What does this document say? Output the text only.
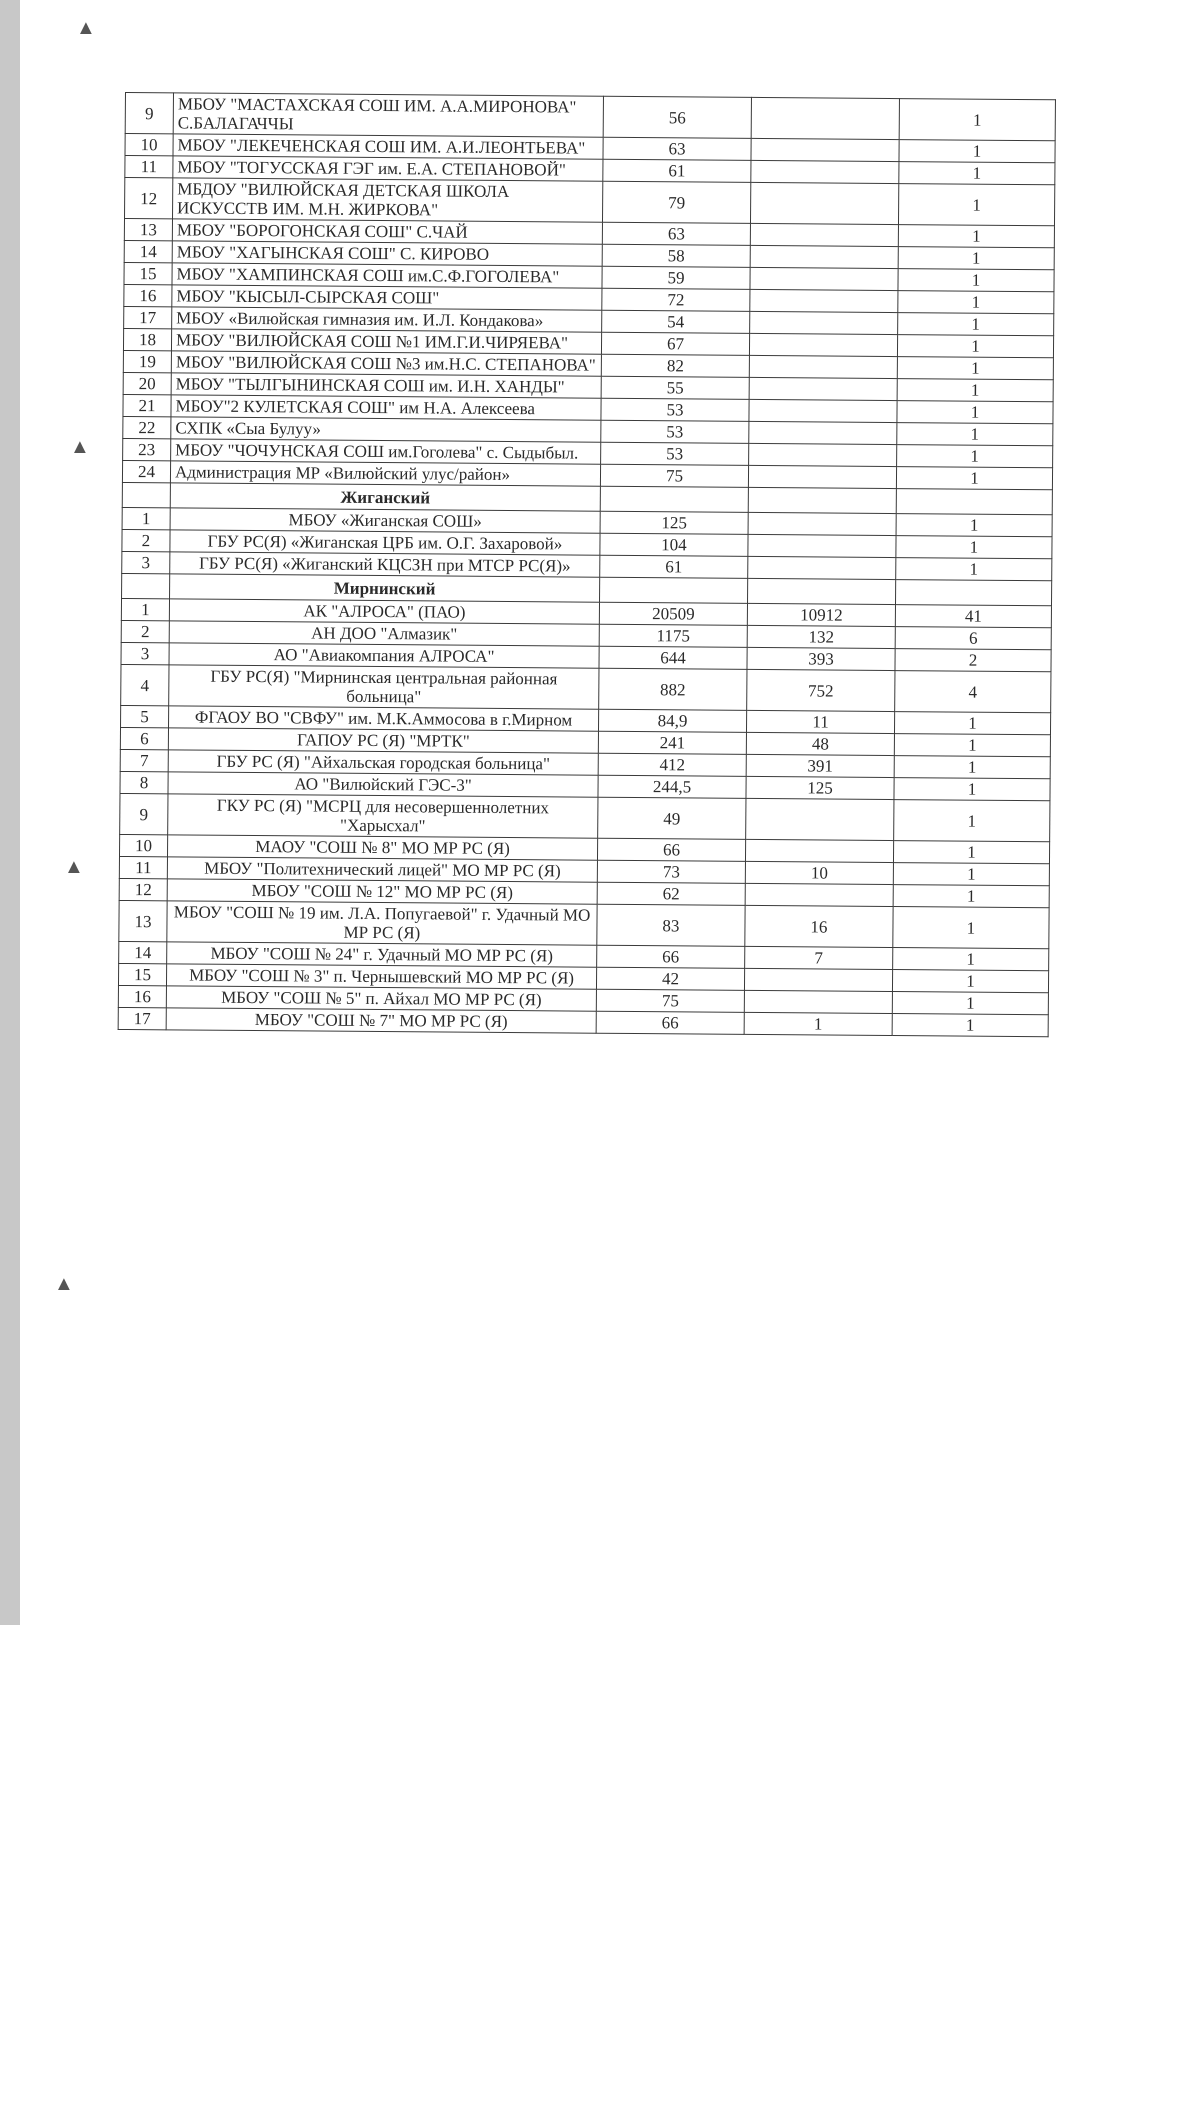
▲
▲
▲
▲
9	МБОУ "МАСТАХСКАЯ СОШ ИМ. А.А.МИРОНОВА" С.БАЛАГАЧЧЫ	56		1
10	МБОУ "ЛЕКЕЧЕНСКАЯ СОШ ИМ. А.И.ЛЕОНТЬЕВА"	63		1
11	МБОУ "ТОГУССКАЯ ГЭГ им. Е.А. СТЕПАНОВОЙ"	61		1
12	МБДОУ "ВИЛЮЙСКАЯ ДЕТСКАЯ ШКОЛА ИСКУССТВ ИМ. М.Н. ЖИРКОВА"	79		1
13	МБОУ "БОРОГОНСКАЯ СОШ" С.ЧАЙ	63		1
14	МБОУ "ХАГЫНСКАЯ СОШ" С. КИРОВО	58		1
15	МБОУ "ХАМПИНСКАЯ СОШ им.С.Ф.ГОГОЛЕВА"	59		1
16	МБОУ "КЫСЫЛ-СЫРСКАЯ СОШ"	72		1
17	МБОУ «Вилюйская гимназия им. И.Л. Кондакова»	54		1
18	МБОУ "ВИЛЮЙСКАЯ СОШ №1 ИМ.Г.И.ЧИРЯЕВА"	67		1
19	МБОУ "ВИЛЮЙСКАЯ СОШ №3 им.Н.С. СТЕПАНОВА"	82		1
20	МБОУ "ТЫЛГЫНИНСКАЯ СОШ им. И.Н. ХАНДЫ"	55		1
21	МБОУ"2 КУЛЕТСКАЯ СОШ" им Н.А. Алексеева	53		1
22	СХПК «Сыа Булуу»	53		1
23	МБОУ "ЧОЧУНСКАЯ СОШ им.Гоголева" с. Сыдыбыл.	53		1
24	Администрация МР «Вилюйский улус/район»	75		1
	Жиганский			
1	МБОУ «Жиганская СОШ»	125		1
2	ГБУ РС(Я) «Жиганская ЦРБ им. О.Г. Захаровой»	104		1
3	ГБУ РС(Я) «Жиганский КЦСЗН при МТСР РС(Я)»	61		1
	Мирнинский			
1	АК "АЛРОСА" (ПАО)	20509	10912	41
2	АН ДОО "Алмазик"	1175	132	6
3	АО "Авиакомпания АЛРОСА"	644	393	2
4	ГБУ РС(Я) "Мирнинская центральная районная больница"	882	752	4
5	ФГАОУ ВО "СВФУ" им. М.К.Аммосова в г.Мирном	84,9	11	1
6	ГАПОУ РС (Я) "МРТК"	241	48	1
7	ГБУ РС (Я) "Айхальская городская больница"	412	391	1
8	АО "Вилюйский ГЭС-3"	244,5	125	1
9	ГКУ РС (Я) "МСРЦ для несовершеннолетних "Харысхал"	49		1
10	МАОУ "СОШ № 8" МО МР РС (Я)	66		1
11	МБОУ "Политехнический лицей" МО МР РС (Я)	73	10	1
12	МБОУ "СОШ № 12" МО МР РС (Я)	62		1
13	МБОУ "СОШ № 19 им. Л.А. Попугаевой" г. Удачный МО МР РС (Я)	83	16	1
14	МБОУ "СОШ № 24" г. Удачный МО МР РС (Я)	66	7	1
15	МБОУ "СОШ № 3" п. Чернышевский МО МР РС (Я)	42		1
16	МБОУ "СОШ № 5" п. Айхал МО МР РС (Я)	75		1
17	МБОУ "СОШ № 7" МО МР РС (Я)	66	1	1
